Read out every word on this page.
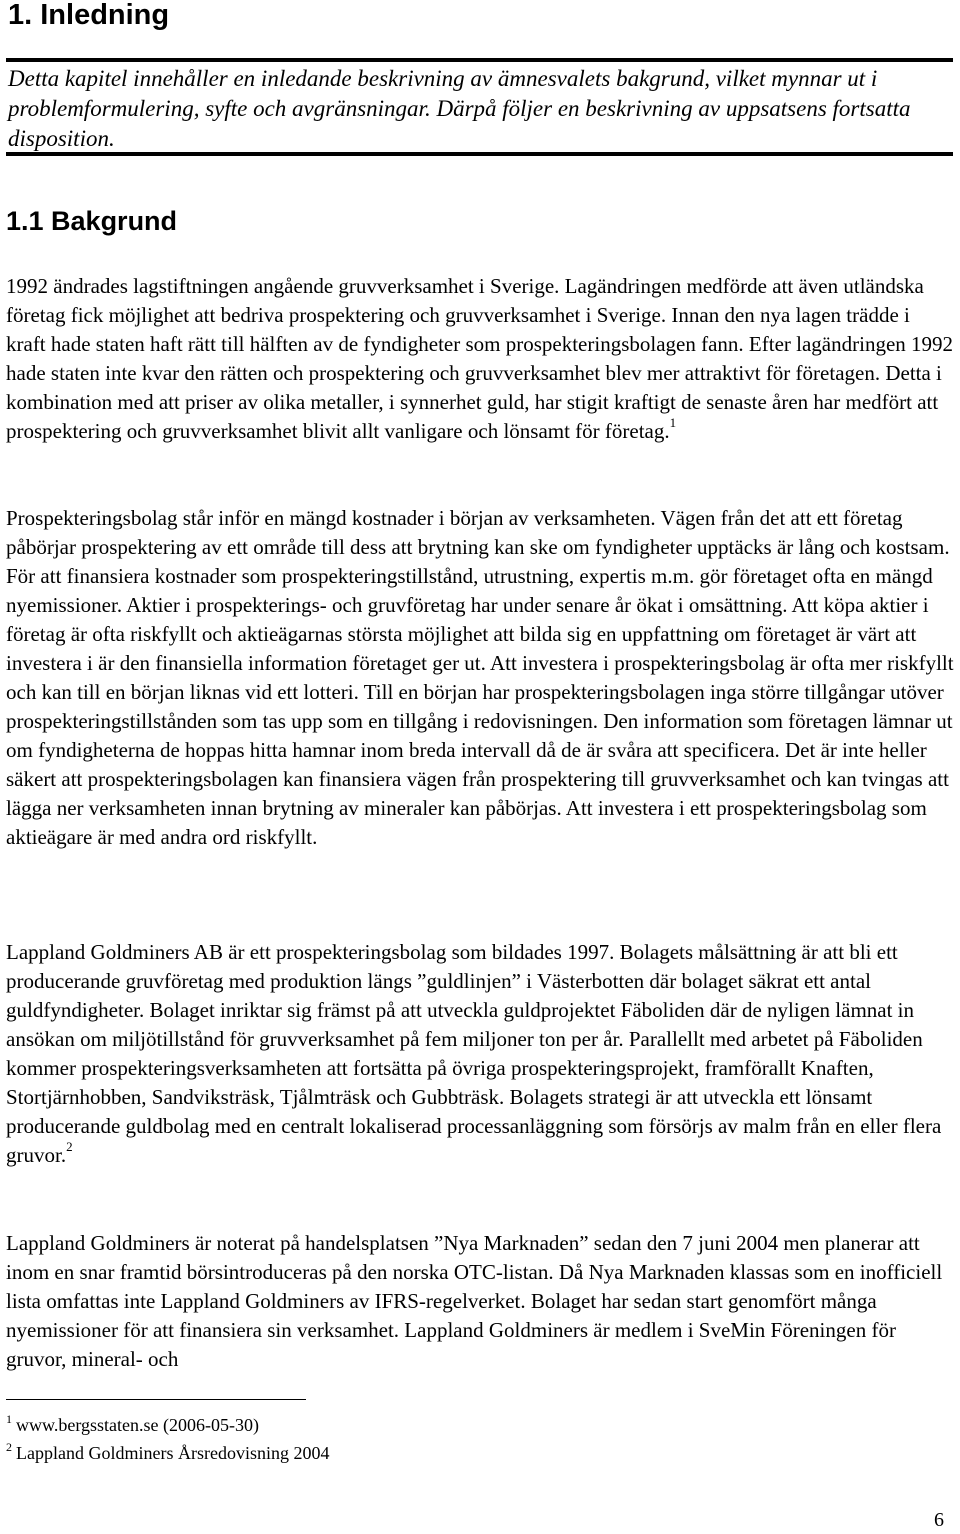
1. Inledning

Detta kapitel innehåller en inledande beskrivning av ämnesvalets bakgrund, vilket mynnar ut i problemformulering, syfte och avgränsningar. Därpå följer en beskrivning av uppsatsens fortsatta disposition.

1.1 Bakgrund

1992 ändrades lagstiftningen angående gruvverksamhet i Sverige. Lagändringen medförde att även utländska företag fick möjlighet att bedriva prospektering och gruvverksamhet i Sverige. Innan den nya lagen trädde i kraft hade staten haft rätt till hälften av de fyndigheter som prospekteringsbolagen fann. Efter lagändringen 1992 hade staten inte kvar den rätten och prospektering och gruvverksamhet blev mer attraktivt för företagen. Detta i kombination med att priser av olika metaller, i synnerhet guld, har stigit kraftigt de senaste åren har medfört att prospektering och gruvverksamhet blivit allt vanligare och lönsamt för företag.$^1$

Prospekteringsbolag står inför en mängd kostnader i början av verksamheten. Vägen från det att ett företag påbörjar prospektering av ett område till dess att brytning kan ske om fyndigheter upptäcks är lång och kostsam. För att finansiera kostnader som prospekteringstillstånd, utrustning, expertis m.m. gör företaget ofta en mängd nyemissioner. Aktier i prospekterings- och gruvföretag har under senare år ökat i omsättning. Att köpa aktier i företag är ofta riskfyllt och aktieägarnas största möjlighet att bilda sig en uppfattning om företaget är värt att investera i är den finansiella information företaget ger ut. Att investera i prospekteringsbolag är ofta mer riskfyllt och kan till en början liknas vid ett lotteri. Till en början har prospekteringsbolagen inga större tillgångar utöver prospekteringstillstånden som tas upp som en tillgång i redovisningen. Den information som företagen lämnar ut om fyndigheterna de hoppas hitta hamnar inom breda intervall då de är svåra att specificera. Det är inte heller säkert att prospekteringsbolagen kan finansiera vägen från prospektering till gruvverksamhet och kan tvingas att lägga ner verksamheten innan brytning av mineraler kan påbörjas. Att investera i ett prospekteringsbolag som aktieägare är med andra ord riskfyllt.

Lappland Goldminers AB är ett prospekteringsbolag som bildades 1997. Bolagets målsättning är att bli ett producerande gruvföretag med produktion längs ”guldlinjen” i Västerbotten där bolaget säkrat ett antal guldfyndigheter. Bolaget inriktar sig främst på att utveckla guldprojektet Fäboliden där de nyligen lämnat in ansökan om miljötillstånd för gruvverksamhet på fem miljoner ton per år. Parallellt med arbetet på Fäboliden kommer prospekteringsverksamheten att fortsätta på övriga prospekteringsprojekt, framförallt Knaften, Stortjärnhobben, Sandviksträsk, Tjålmträsk och Gubbträsk. Bolagets strategi är att utveckla ett lönsamt producerande guldbolag med en centralt lokaliserad processanläggning som försörjs av malm från en eller flera gruvor.$^2$

Lappland Goldminers är noterat på handelsplatsen ”Nya Marknaden” sedan den 7 juni 2004 men planerar att inom en snar framtid börsintroduceras på den norska OTC-listan. Då Nya Marknaden klassas som en inofficiell lista omfattas inte Lappland Goldminers av IFRS-regelverket. Bolaget har sedan start genomfört många nyemissioner för att finansiera sin verksamhet. Lappland Goldminers är medlem i SveMin Föreningen för gruvor, mineral- och

$^1$ www.bergsstaten.se (2006-05-30)

$^2$ Lappland Goldminers Årsredovisning 2004

6
